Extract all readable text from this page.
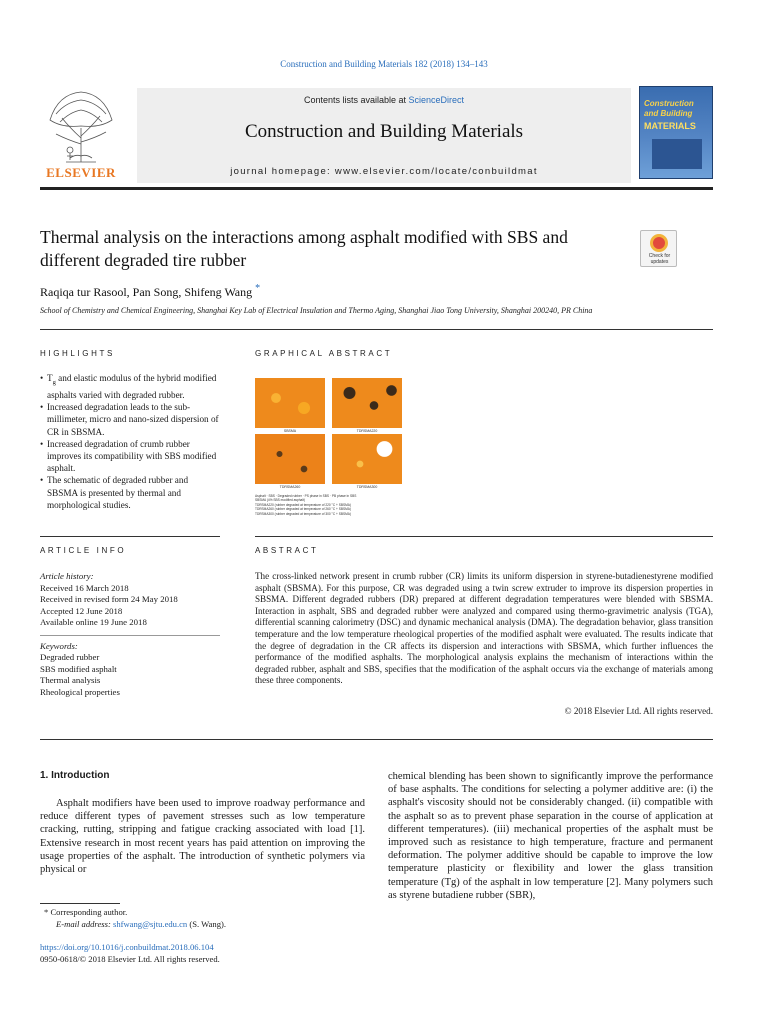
Construction and Building Materials 182 (2018) 134–143
ELSEVIER
Contents lists available at ScienceDirect
Construction and Building Materials
journal homepage: www.elsevier.com/locate/conbuildmat
Construction
and Building
MATERIALS
Thermal analysis on the interactions among asphalt modified with SBS and different degraded tire rubber	Check for updates
Raqiqa tur Rasool, Pan Song, Shifeng Wang *
School of Chemistry and Chemical Engineering, Shanghai Key Lab of Electrical Insulation and Thermo Aging, Shanghai Jiao Tong University, Shanghai 200240, PR China
HIGHLIGHTS
• $T_g$ and elastic modulus of the hybrid modified asphalts varied with degraded rubber.
• Increased degradation leads to the sub-millimeter, micro and nano-sized dispersion of CR in SBSMA.
• Increased degradation of crumb rubber improves its compatibility with SBS modified asphalt.
• The schematic of degraded rubber and SBSMA is presented by thermal and morphological studies.
GRAPHICAL ABSTRACT
SBSMA	TDRSMA220
TDRSMA260	TDRSMA300
Asphalt · SBS · Degraded rubber · PS phase in SBS · PB phase in SBS
SBSMA (4% SBS modified asphalt)
TDRSMA220 (rubber degraded at temperature of 220 °C + SBSMA)
TDRSMA260 (rubber degraded at temperature of 260 °C + SBSMA)
TDRSMA300 (rubber degraded at temperature of 300 °C + SBSMA)
ARTICLE INFO	ABSTRACT
Article history:
Received 16 March 2018
Received in revised form 24 May 2018
Accepted 12 June 2018
Available online 19 June 2018
Keywords:
Degraded rubber
SBS modified asphalt
Thermal analysis
Rheological properties
The cross-linked network present in crumb rubber (CR) limits its uniform dispersion in styrene-butadienestyrene modified asphalt (SBSMA). For this purpose, CR was degraded using a twin screw extruder to improve its dispersion properties in SBSMA. Different degraded rubbers (DR) prepared at different degradation temperatures were blended with SBSMA. Interaction in asphalt, SBS and degraded rubber were analyzed and compared using thermo-gravimetric analysis (TGA), differential scanning calorimetry (DSC) and dynamic mechanical analysis (DMA). The degradation behavior, glass transition temperature and the low temperature rheological properties of the modified asphalt were evaluated. The results indicate that the degree of degradation in the CR affects its dispersion and interactions with SBSMA, which further influences the performance of the modified asphalts. The morphological analysis explains the mechanism of interactions within the degraded rubber, asphalt and SBS, specifies that the modification of the asphalt occurs via the exchange of materials among these three components.
© 2018 Elsevier Ltd. All rights reserved.
1. Introduction
Asphalt modifiers have been used to improve roadway performance and reduce different types of pavement stresses such as low temperature cracking, rutting, stripping and fatigue cracking associated with load [1]. Extensive research in most recent years has paid attention on improving the usage properties of the asphalt. The introduction of synthetic polymers via physical or
chemical blending has been shown to significantly improve the performance of base asphalts. The conditions for selecting a polymer additive are: (i) the asphalt's viscosity should not be considerably changed. (ii) compatible with the asphalt so as to prevent phase separation in the course of application at different temperatures). (iii) mechanical properties of the asphalt must be improved such as resistance to high temperature, fracture and permanent deformation. The polymer additive should be capable to improve the low temperature plasticity or flexibility and lower the glass transition temperature (Tg) of the asphalt in low temperature [2]. Many polymers such as styrene butadiene rubber (SBR),
* Corresponding author.
E-mail address: shfwang@sjtu.edu.cn (S. Wang).
https://doi.org/10.1016/j.conbuildmat.2018.06.104
0950-0618/© 2018 Elsevier Ltd. All rights reserved.
